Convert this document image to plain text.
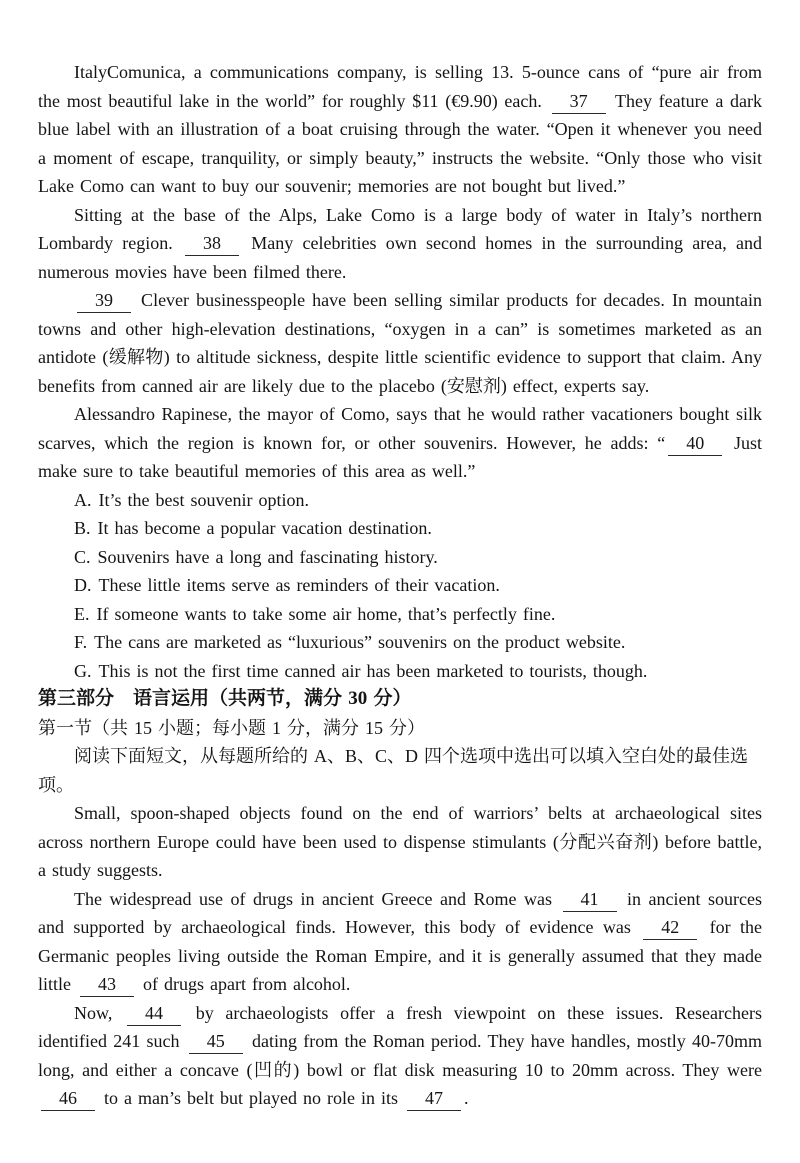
ItalyComunica, a communications company, is selling 13. 5-ounce cans of “pure air from the most beautiful lake in the world” for roughly $11 (€9.90) each. 37 They feature a dark blue label with an illustration of a boat cruising through the water. “Open it whenever you need a moment of escape, tranquility, or simply beauty,” instructs the website. “Only those who visit Lake Como can want to buy our souvenir; memories are not bought but lived.”

Sitting at the base of the Alps, Lake Como is a large body of water in Italy’s northern Lombardy region. 38 Many celebrities own second homes in the surrounding area, and numerous movies have been filmed there.

39 Clever businesspeople have been selling similar products for decades. In mountain towns and other high-elevation destinations, “oxygen in a can” is sometimes marketed as an antidote (缓解物) to altitude sickness, despite little scientific evidence to support that claim. Any benefits from canned air are likely due to the placebo (安慰剂) effect, experts say.

Alessandro Rapinese, the mayor of Como, says that he would rather vacationers bought silk scarves, which the region is known for, or other souvenirs. However, he adds: “ 40 Just make sure to take beautiful memories of this area as well.”

A. It’s the best souvenir option.
B. It has become a popular vacation destination.
C. Souvenirs have a long and fascinating history.
D. These little items serve as reminders of their vacation.
E. If someone wants to take some air home, that’s perfectly fine.
F. The cans are marketed as “luxurious” souvenirs on the product website.
G. This is not the first time canned air has been marketed to tourists, though.
第三部分　语言运用（共两节，满分 30 分）
第一节（共 15 小题；每小题 1 分，满分 15 分）
阅读下面短文，从每题所给的 A、B、C、D 四个选项中选出可以填入空白处的最佳选项。

Small, spoon-shaped objects found on the end of warriors’ belts at archaeological sites across northern Europe could have been used to dispense stimulants (分配兴奋剂) before battle, a study suggests.

The widespread use of drugs in ancient Greece and Rome was 41 in ancient sources and supported by archaeological finds. However, this body of evidence was 42 for the Germanic peoples living outside the Roman Empire, and it is generally assumed that they made little 43 of drugs apart from alcohol.

Now, 44 by archaeologists offer a fresh viewpoint on these issues. Researchers identified 241 such 45 dating from the Roman period. They have handles, mostly 40-70mm long, and either a concave (凹的) bowl or flat disk measuring 10 to 20mm across. They were 46 to a man’s belt but played no role in its 47 .
